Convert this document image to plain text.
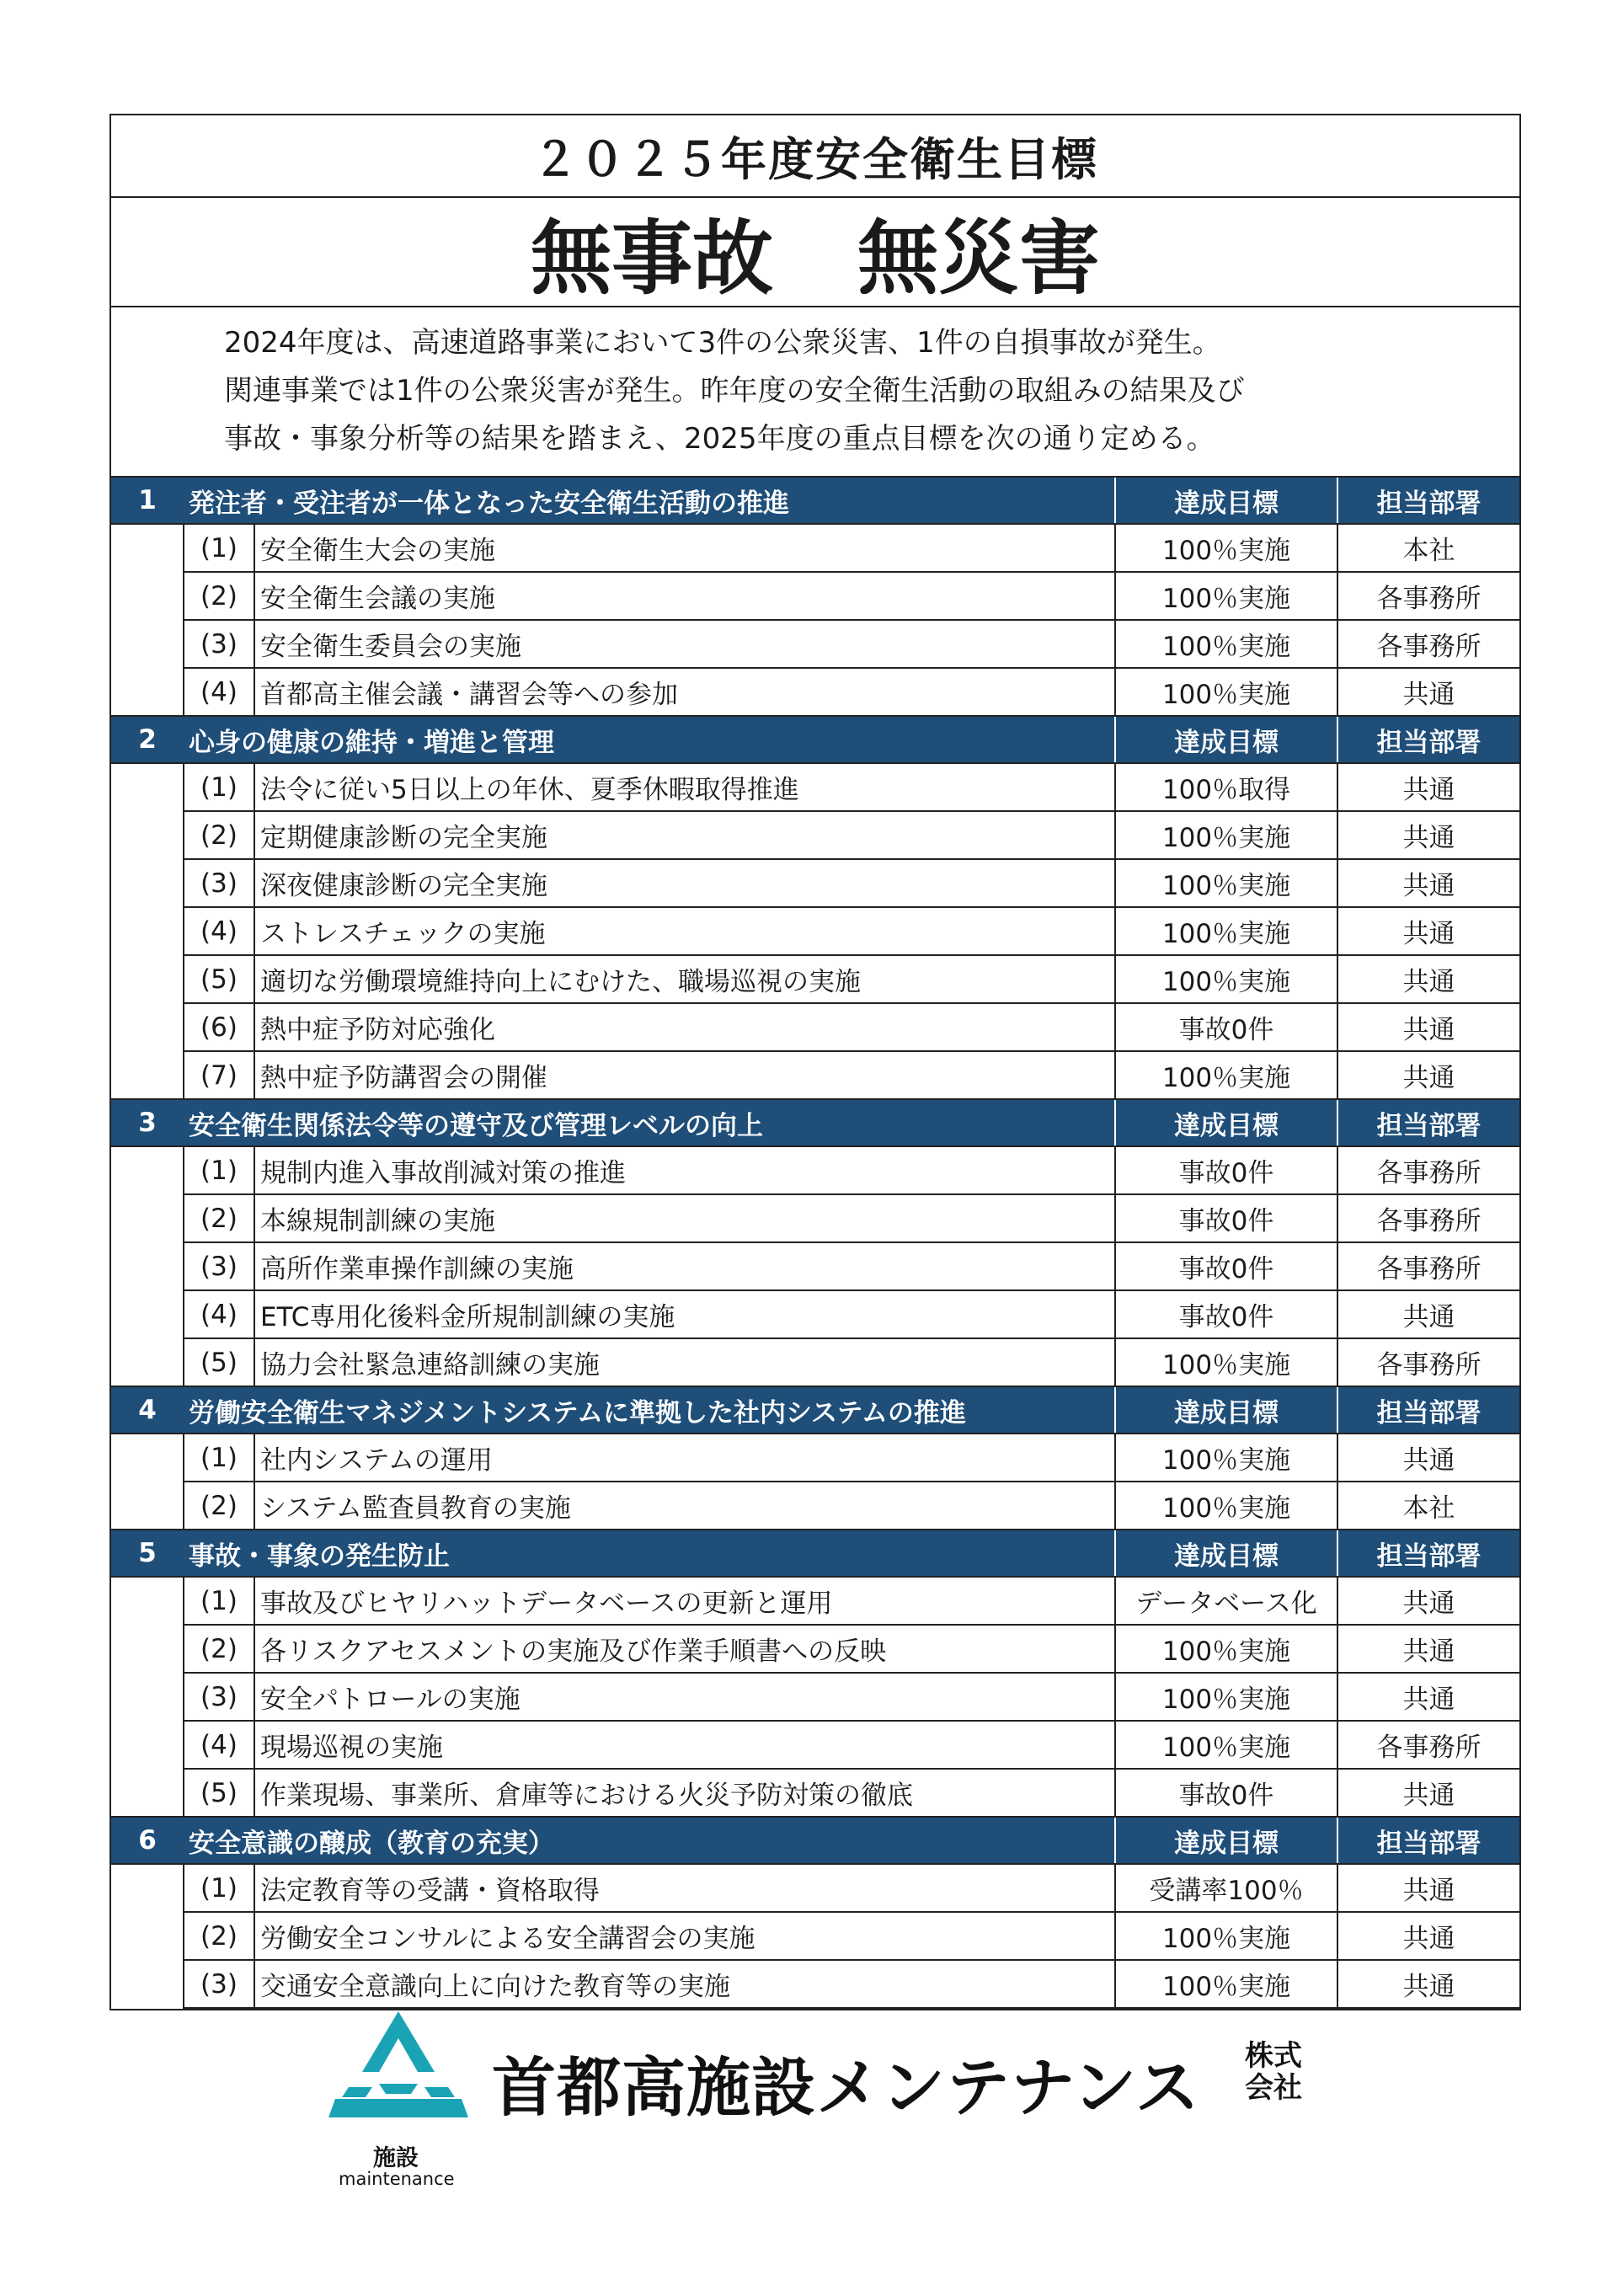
２０２５年度安全衛生目標
無事故 無災害
2024年度は、高速道路事業において3件の公衆災害、1件の自損事故が発生。
関連事業では1件の公衆災害が発生。昨年度の安全衛生活動の取組みの結果及び
事故・事象分析等の結果を踏まえ、2025年度の重点目標を次の通り定める。
1	発注者・受注者が一体となった安全衛生活動の推進		達成目標	担当部署
	(1)	安全衛生大会の実施	100％実施	本社
	(2)	安全衛生会議の実施	100％実施	各事務所
	(3)	安全衛生委員会の実施	100％実施	各事務所
	(4)	首都高主催会議・講習会等への参加	100％実施	共通
2	心身の健康の維持・増進と管理		達成目標	担当部署
	(1)	法令に従い5日以上の年休、夏季休暇取得推進	100％取得	共通
	(2)	定期健康診断の完全実施	100％実施	共通
	(3)	深夜健康診断の完全実施	100％実施	共通
	(4)	ストレスチェックの実施	100％実施	共通
	(5)	適切な労働環境維持向上にむけた、職場巡視の実施	100％実施	共通
	(6)	熱中症予防対応強化	事故0件	共通
	(7)	熱中症予防講習会の開催	100％実施	共通
3	安全衛生関係法令等の遵守及び管理レベルの向上		達成目標	担当部署
	(1)	規制内進入事故削減対策の推進	事故0件	各事務所
	(2)	本線規制訓練の実施	事故0件	各事務所
	(3)	高所作業車操作訓練の実施	事故0件	各事務所
	(4)	ETC専用化後料金所規制訓練の実施	事故0件	共通
	(5)	協力会社緊急連絡訓練の実施	100％実施	各事務所
4	労働安全衛生マネジメントシステムに準拠した社内システムの推進		達成目標	担当部署
	(1)	社内システムの運用	100％実施	共通
	(2)	システム監査員教育の実施	100％実施	本社
5	事故・事象の発生防止		達成目標	担当部署
	(1)	事故及びヒヤリハットデータベースの更新と運用	データベース化	共通
	(2)	各リスクアセスメントの実施及び作業手順書への反映	100％実施	共通
	(3)	安全パトロールの実施	100％実施	共通
	(4)	現場巡視の実施	100％実施	各事務所
	(5)	作業現場、事業所、倉庫等における火災予防対策の徹底	事故0件	共通
6	安全意識の醸成（教育の充実）		達成目標	担当部署
	(1)	法定教育等の受講・資格取得	受講率100％	共通
	(2)	労働安全コンサルによる安全講習会の実施	100％実施	共通
	(3)	交通安全意識向上に向けた教育等の実施	100％実施	共通
施設
maintenance
首都高施設メンテナンス 株式
会社
